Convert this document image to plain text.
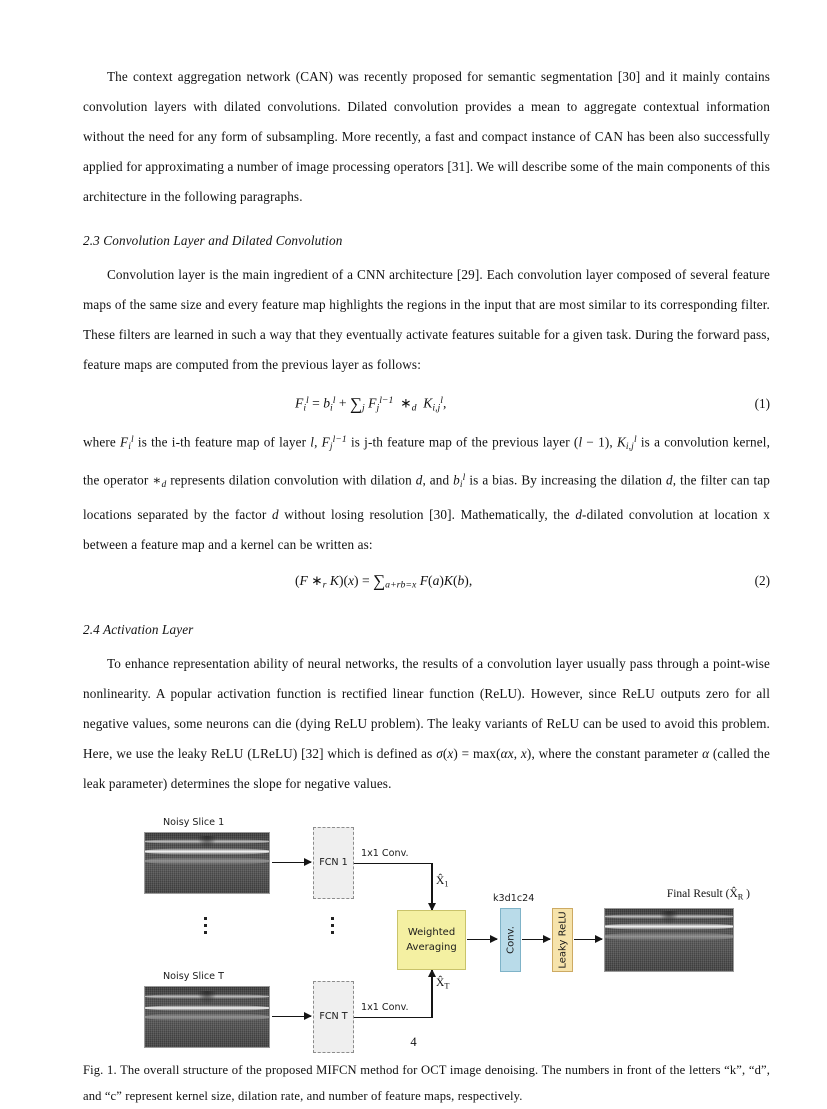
The context aggregation network (CAN) was recently proposed for semantic segmentation [30] and it mainly contains convolution layers with dilated convolutions. Dilated convolution provides a mean to aggregate contextual information without the need for any form of subsampling. More recently, a fast and compact instance of CAN has been also successfully applied for approximating a number of image processing operators [31]. We will describe some of the main components of this architecture in the following paragraphs.

2.3 Convolution Layer and Dilated Convolution

Convolution layer is the main ingredient of a CNN architecture [29]. Each convolution layer composed of several feature maps of the same size and every feature map highlights the regions in the input that are most similar to its corresponding filter. These filters are learned in such a way that they eventually activate features suitable for a given task. During the forward pass, feature maps are computed from the previous layer as follows:

$F_i^l = b_i^l + \sum_j$ $F_j^{l-1}$  $∗_d$ $K_{i,j}^l$,	(1)

where $F_i^l$ is the i-th feature map of layer l, $F_j^{l-1}$ is j-th feature map of the previous layer (l − 1), $K_{i,j}^l$ is a convolution kernel, the operator $∗_d$ represents dilation convolution with dilation d, and $b_i^l$ is a bias. By increasing the dilation d, the filter can tap locations separated by the factor d without losing resolution [30]. Mathematically, the d-dilated convolution at location x between a feature map and a kernel can be written as:

(F $∗_r$ $K)(x) = \sum_{a+rb=x}$ F(a)K(b),	(2)
2.4 Activation Layer

To enhance representation ability of neural networks, the results of a convolution layer usually pass through a point-wise nonlinearity. A popular activation function is rectified linear function (ReLU). However, since ReLU outputs zero for all negative values, some neurons can die (dying ReLU problem). The leaky variants of ReLU can be used to avoid this problem. Here, we use the leaky ReLU (LReLU) [32] which is defined as σ(x) = max(αx, x), where the constant parameter α (called the leak parameter) determines the slope for negative values.

Noisy Slice 1
FCN 1
1x1 Conv.
$X̂_1$
Noisy Slice T
FCN T
1x1 Conv.
$X̂_T$
Weighted
Averaging
k3d1c24
Conv.	Leaky ReLU
Final Result ($X̂_R$ )

Fig. 1. The overall structure of the proposed MIFCN method for OCT image denoising. The numbers in front of the letters “k”, “d”, and “c” represent kernel size, dilation rate, and number of feature maps, respectively.

4
